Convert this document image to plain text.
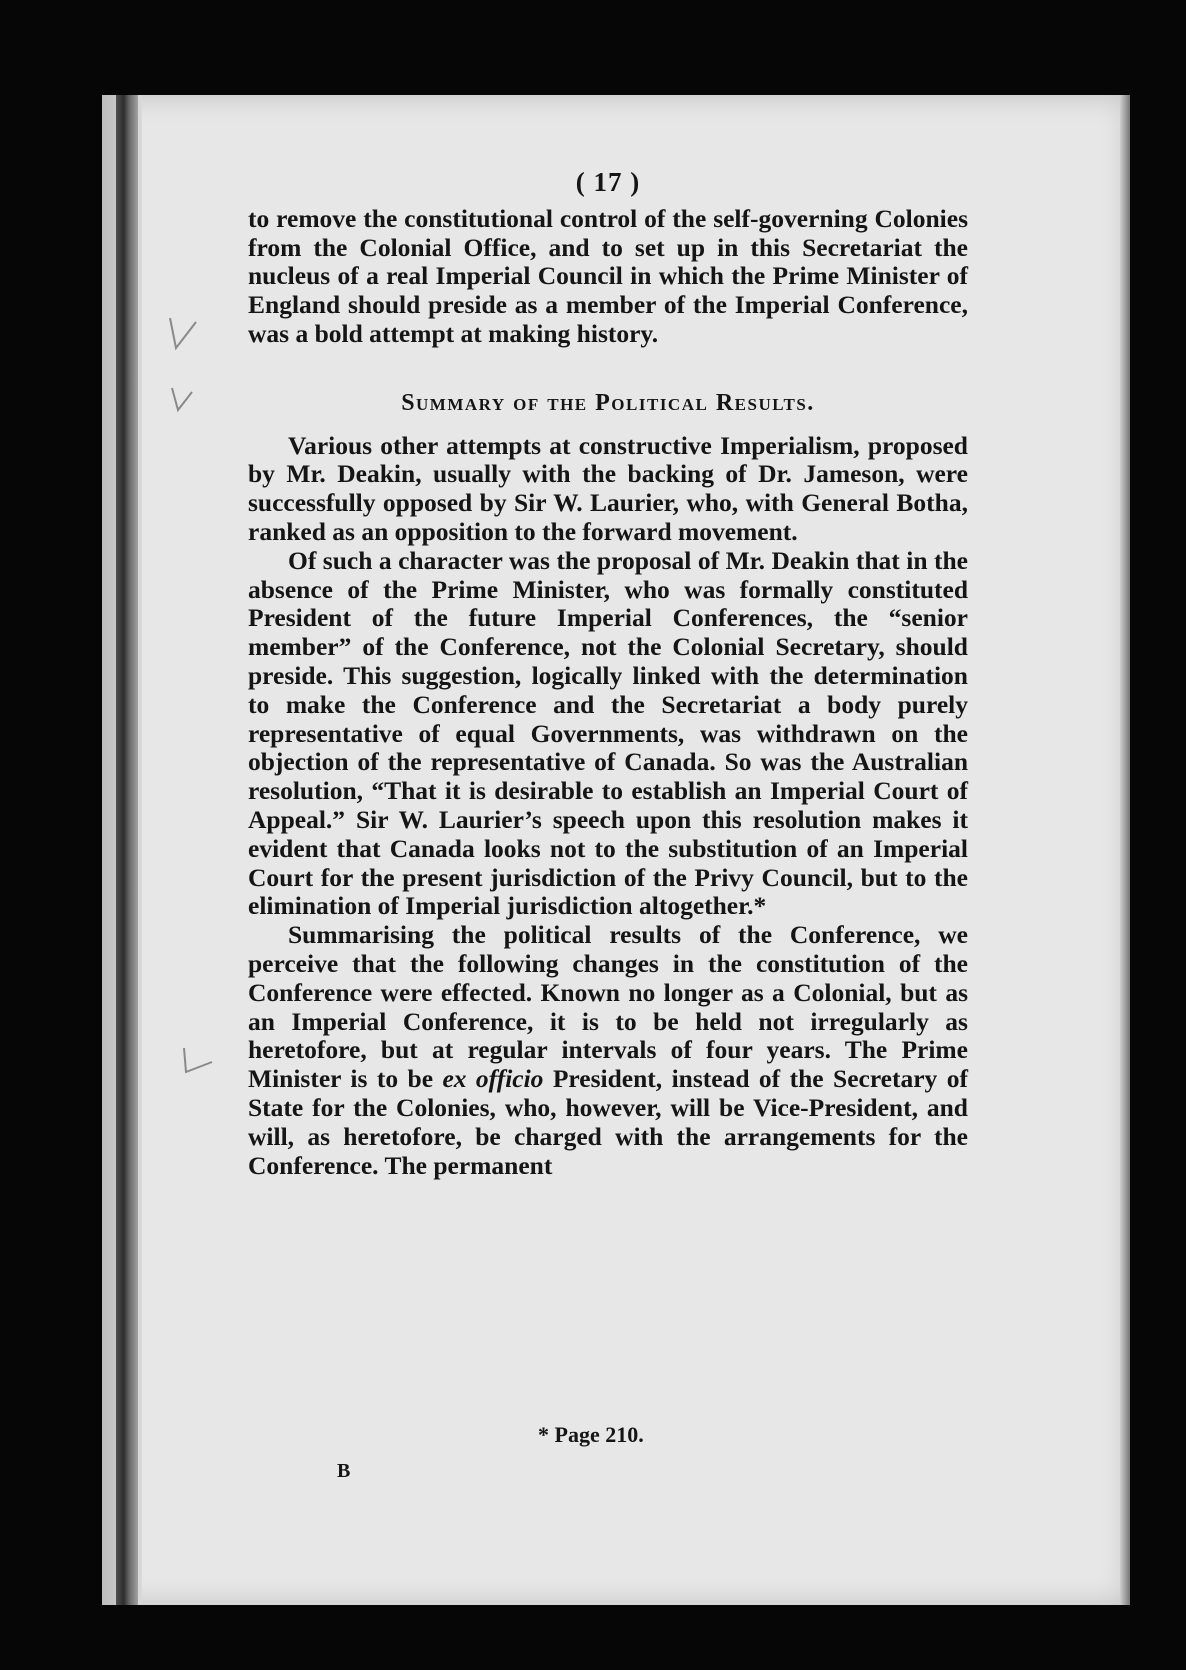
( 17 )

to remove the constitutional control of the self-governing Colonies from the Colonial Office, and to set up in this Secretariat the nucleus of a real Imperial Council in which the Prime Minister of England should preside as a member of the Imperial Conference, was a bold attempt at making history.

Summary of the Political Results.

Various other attempts at constructive Imperialism, proposed by Mr. Deakin, usually with the backing of Dr. Jameson, were successfully opposed by Sir W. Laurier, who, with General Botha, ranked as an opposition to the forward movement.

Of such a character was the proposal of Mr. Deakin that in the absence of the Prime Minister, who was formally constituted President of the future Imperial Conferences, the “senior member” of the Conference, not the Colonial Secretary, should preside. This suggestion, logically linked with the determination to make the Conference and the Secretariat a body purely representative of equal Governments, was withdrawn on the objection of the representative of Canada. So was the Australian resolution, “That it is desirable to establish an Imperial Court of Appeal.” Sir W. Laurier’s speech upon this resolution makes it evident that Canada looks not to the substitution of an Imperial Court for the present jurisdiction of the Privy Council, but to the elimination of Imperial jurisdiction altogether.*

Summarising the political results of the Conference, we perceive that the following changes in the constitution of the Conference were effected. Known no longer as a Colonial, but as an Imperial Conference, it is to be held not irregularly as heretofore, but at regular intervals of four years. The Prime Minister is to be ex officio President, instead of the Secretary of State for the Colonies, who, however, will be Vice-President, and will, as heretofore, be charged with the arrangements for the Conference. The permanent

* Page 210.
B
